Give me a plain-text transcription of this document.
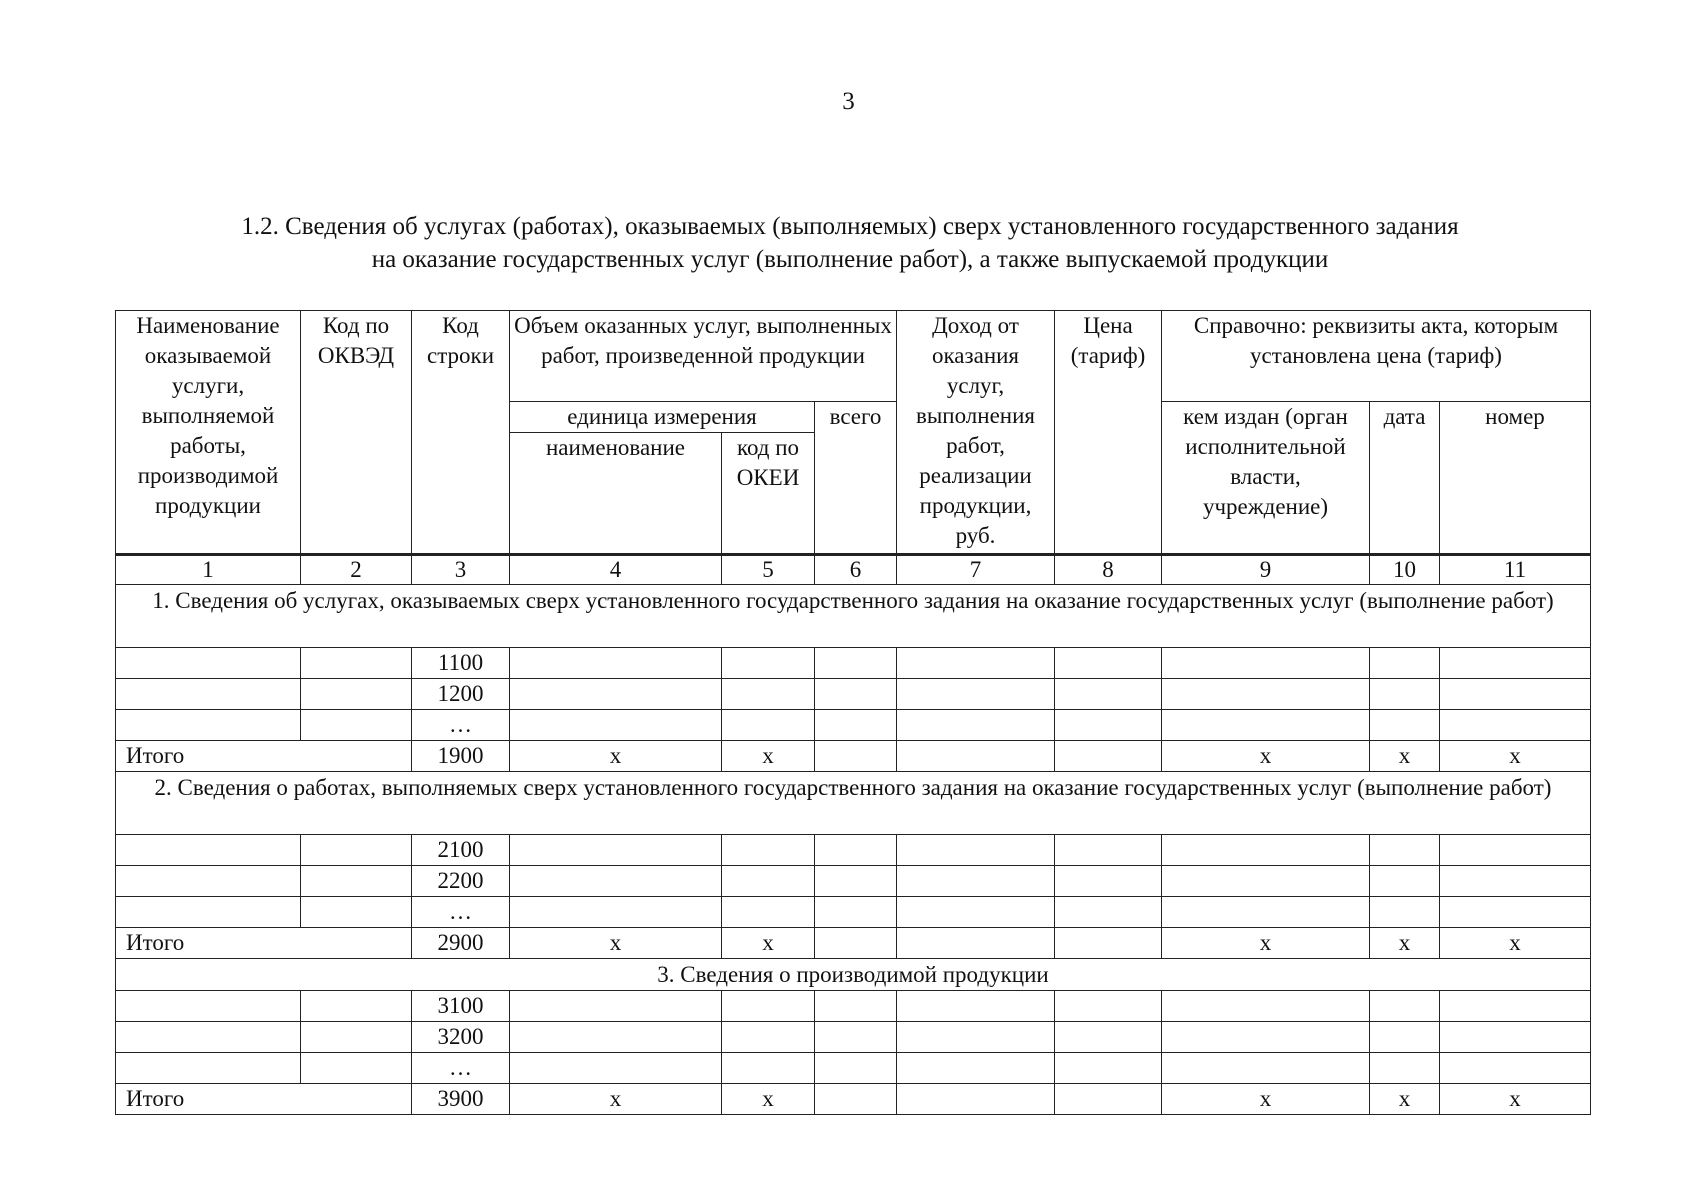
3
1.2. Сведения об услугах (работах), оказываемых (выполняемых) сверх установленного государственного задания
на оказание государственных услуг (выполнение работ), а также выпускаемой продукции
Наименование оказываемой услуги, выполняемой работы, производимой продукции	Код по ОКВЭД	Код строки	Объем оказанных услуг, выполненных работ, произведенной продукции			Доход от оказания услуг, выполнения работ, реализации продукции, руб.	Цена (тариф)	Справочно: реквизиты акта, которым установлена цена (тариф)		
			единица измерения		всего			кем издан (орган исполнительной власти, учреждение)	дата	номер
			наименование	код по ОКЕИ						
1	2	3	4	5	6	7	8	9	10	11
1. Сведения об услугах, оказываемых сверх установленного государственного задания на оказание государственных услуг (выполнение работ)										
		1100								
		1200								
		…								
Итого		1900	x	x				x	x	x
2. Сведения о работах, выполняемых сверх установленного государственного задания на оказание государственных услуг (выполнение работ)										
		2100								
		2200								
		…								
Итого		2900	x	x				x	x	x
3. Сведения о производимой продукции										
		3100								
		3200								
		…								
Итого		3900	x	x				x	x	x
